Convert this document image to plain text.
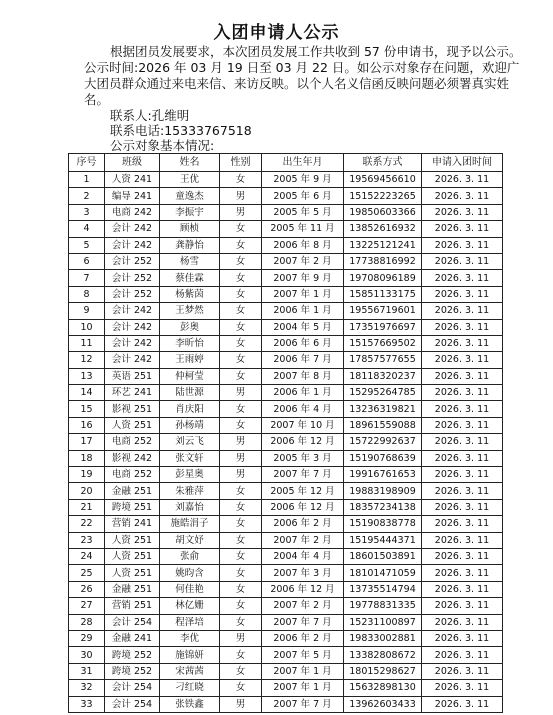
入团申请人公示
根据团员发展要求，本次团员发展工作共收到 57 份申请书，现予以公示。公示时间:2026 年 03 月 19 日至 03 月 22 日。如公示对象存在问题，欢迎广大团员群众通过来电来信、来访反映。以个人名义信函反映问题必须署真实姓名。
联系人:孔维明
联系电话:15333767518
公示对象基本情况:
序号	班级	姓名	性别	出生年月	联系方式	申请入团时间
1	人资 241	王优	女	2005 年 9 月	19569456610	2026. 3. 11
2	编导 241	童逸杰	男	2005 年 6 月	15152223265	2026. 3. 11
3	电商 242	李振宇	男	2005 年 5 月	19850603366	2026. 3. 11
4	会计 242	顾桢	女	2005 年 11 月	13852616932	2026. 3. 11
5	会计 242	龚静怡	女	2006 年 8 月	13225121241	2026. 3. 11
6	会计 252	杨雪	女	2007 年 2 月	17738816992	2026. 3. 11
7	会计 252	蔡佳霖	女	2007 年 9 月	19708096189	2026. 3. 11
8	会计 252	杨紫茵	女	2007 年 1 月	15851133175	2026. 3. 11
9	会计 242	王梦然	女	2006 年 1 月	19556719601	2026. 3. 11
10	会计 242	彭奥	女	2004 年 5 月	17351976697	2026. 3. 11
11	会计 242	李昕怡	女	2006 年 6 月	15157669502	2026. 3. 11
12	会计 242	王雨婷	女	2006 年 7 月	17857577655	2026. 3. 11
13	英语 251	仲柯莹	女	2007 年 8 月	18118320237	2026. 3. 11
14	环艺 241	陆世源	男	2006 年 1 月	15295264785	2026. 3. 11
15	影视 251	肖庆阳	女	2006 年 4 月	13236319821	2026. 3. 11
16	人资 251	孙杨靖	女	2007 年 10 月	18961559088	2026. 3. 11
17	电商 252	刘云飞	男	2006 年 12 月	15722992637	2026. 3. 11
18	影视 242	张文轩	男	2005 年 3 月	15190768639	2026. 3. 11
19	电商 252	彭星奥	男	2007 年 7 月	19916761653	2026. 3. 11
20	金融 251	朱雅萍	女	2005 年 12 月	19883198909	2026. 3. 11
21	跨境 251	刘嘉怡	女	2006 年 12 月	18357234138	2026. 3. 11
22	营销 241	施皓涓子	女	2006 年 2 月	15190838778	2026. 3. 11
23	人资 251	胡文妤	女	2007 年 2 月	15195444371	2026. 3. 11
24	人资 251	张俞	女	2004 年 4 月	18601503891	2026. 3. 11
25	人资 251	姚昀含	女	2007 年 3 月	18101471059	2026. 3. 11
26	金融 251	何佳艳	女	2006 年 12 月	13735514794	2026. 3. 11
27	营销 251	林亿姗	女	2007 年 2 月	19778831335	2026. 3. 11
28	会计 254	程泽培	女	2007 年 7 月	15231100897	2026. 3. 11
29	金融 241	李优	男	2006 年 2 月	19833002881	2026. 3. 11
30	跨境 252	施锦妍	女	2007 年 5 月	13382808672	2026. 3. 11
31	跨境 252	宋茜茜	女	2007 年 1 月	18015298627	2026. 3. 11
32	会计 254	刁红晓	女	2007 年 1 月	15632898130	2026. 3. 11
33	会计 254	张铁鑫	男	2007 年 7 月	13962603433	2026. 3. 11
